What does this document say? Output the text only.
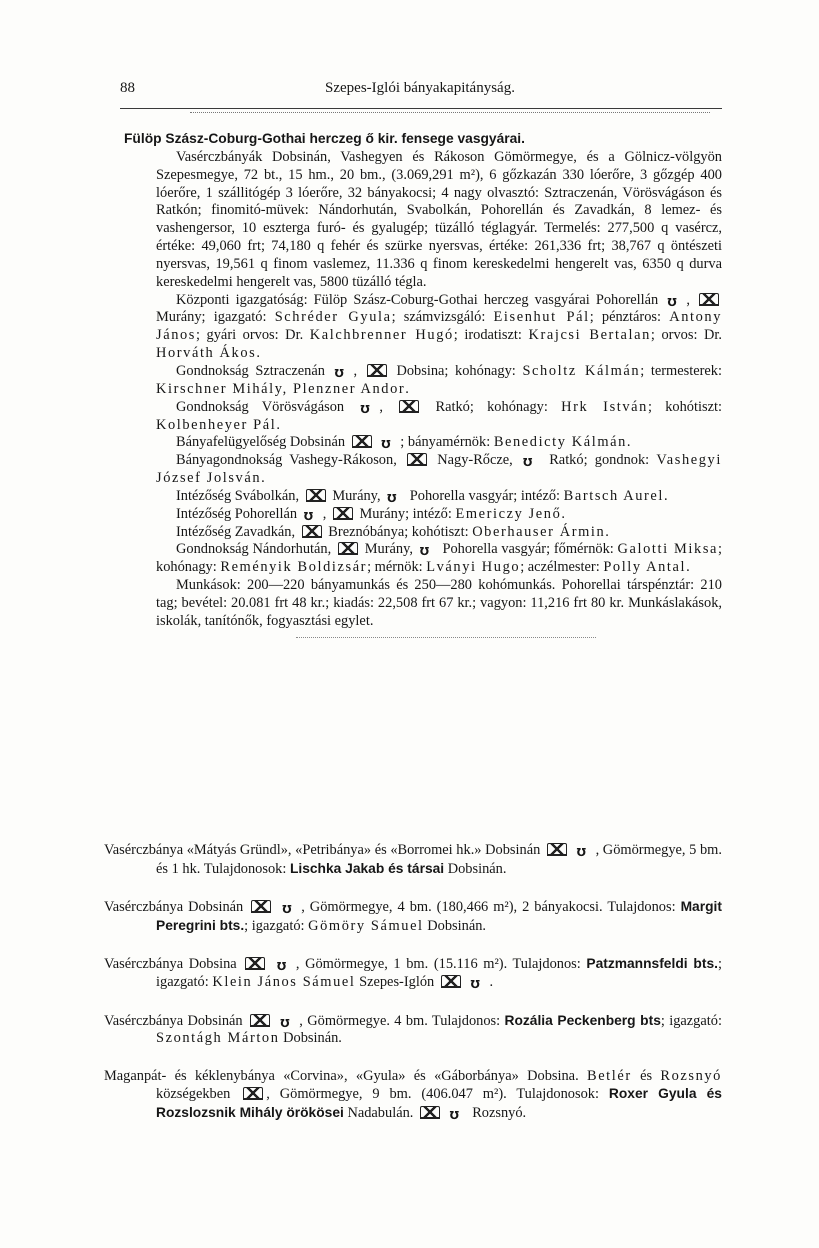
88	Szepes-Iglói bányakapitányság.

Fülöp Szász-Coburg-Gothai herczeg ő kir. fensege vasgyárai.

Vasérczbányák Dobsinán, Vashegyen és Rákoson Gömörmegye, és a Gölnicz-völgyön Szepesmegye, 72 bt., 15 hm., 20 bm., (3.069,291 m²), 6 gőzkazán 330 lóerőre, 3 gőzgép 400 lóerőre, 1 szállitógép 3 lóerőre, 32 bányakocsi; 4 nagy olvasztó: Sztraczenán, Vörösvágáson és Ratkón; finomitó-müvek: Nándorhután, Svabolkán, Pohorellán és Zavadkán, 8 lemez- és vashengersor, 10 eszterga furó- és gyalugép; tüzálló téglagyár. Termelés: 277,500 q vasércz, értéke: 49,060 frt; 74,180 q fehér és szürke nyersvas, értéke: 261,336 frt; 38,767 q öntészeti nyersvas, 19,561 q finom vaslemez, 11.336 q finom kereskedelmi hengerelt vas, 6350 q durva kereskedelmi hengerelt vas, 5800 tüzálló tégla.

Központi igazgatóság: Fülöp Szász-Coburg-Gothai herczeg vasgyárai Pohorellán ℧ ,  Murány; igazgató: Schréder Gyula; számvizsgáló: Eisenhut Pál; pénztáros: Antony János; gyári orvos: Dr. Kalchbrenner Hugó; irodatiszt: Krajcsi Bertalan; orvos: Dr. Horváth Ákos.

Gondnokság Sztraczenán ℧ ,  Dobsina; kohónagy: Scholtz Kálmán; termesterek: Kirschner Mihály, Plenzner Andor.

Gondnokság Vörösvágáson ℧ ,	Ratkó; kohónagy: Hrk István; kohótiszt: Kolbenheyer Pál.

Bányafelügyelőség Dobsinán	℧ ; bányamérnök: Benedicty Kálmán.

Bányagondnokság Vashegy-Rákoson,	Nagy-Rőcze, ℧ Ratkó; gondnok: Vashegyi József Jolsván.

Intézőség Svábolkán, Murány, ℧ Pohorella vasgyár; intéző: Bartsch Aurel.

Intézőség Pohorellán ℧ ,  Murány; intéző: Emericzy Jenő.

Intézőség Zavadkán, Breznóbánya; kohótiszt: Oberhauser Ármin.

Gondnokság Nándorhután, Murány, ℧ Pohorella vasgyár; főmérnök: Galotti Miksa; kohónagy: Reményik Boldizsár; mérnök: Lványi Hugo; aczélmester: Polly Antal.

Munkások: 200—220 bányamunkás és 250—280 kohómunkás. Pohorellai társpénztár: 210 tag; bevétel: 20.081 frt 48 kr.; kiadás: 22,508 frt 67 kr.; vagyon: 11,216 frt 80 kr. Munkáslakások, iskolák, tanítónők, fogyasztási egylet.

Vasérczbánya «Mátyás Gründl», «Petribánya» és «Borromei hk.» Dobsinán	℧ , Gömörmegye, 5 bm. és 1 hk. Tulajdonosok: Lischka Jakab és társai Dobsinán.

Vasérczbánya Dobsinán	℧ , Gömörmegye, 4 bm. (180,466 m²), 2 bányakocsi. Tulajdonos: Margit Peregrini bts.; igazgató: Gömöry Sámuel Dobsinán.

Vasérczbánya Dobsina	℧ , Gömörmegye, 1 bm. (15.116 m²). Tulajdonos: Patzmannsfeldi bts.; igazgató: Klein János Sámuel Szepes-Iglón	℧ .

Vasérczbánya Dobsinán	℧ , Gömörmegye. 4 bm. Tulajdonos: Rozália Peckenberg bts; igazgató: Szontágh Márton Dobsinán.

Maganpát- és kéklenybánya «Corvina», «Gyula» és «Gáborbánya» Dobsina. Betlér és Rozsnyó községekben , Gömörmegye, 9 bm. (406.047 m²). Tulajdonosok: Roxer Gyula és Rozslozsnik Mihály örökösei Nadabulán.	℧ Rozsnyó.
